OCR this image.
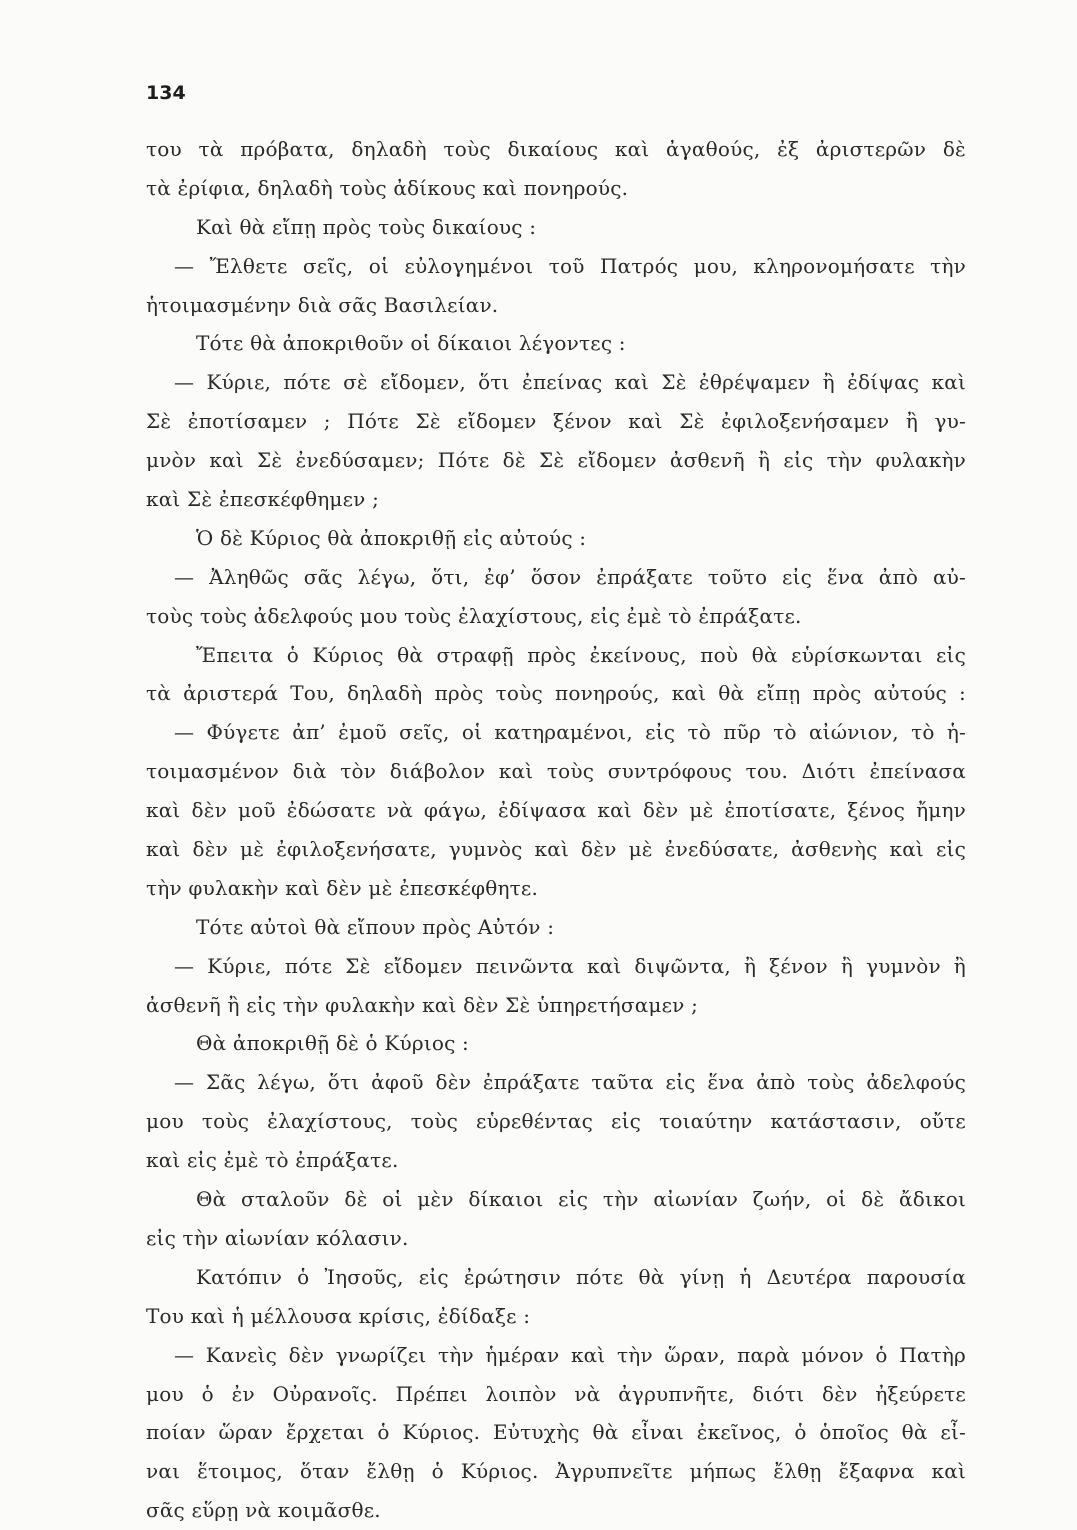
134

του τὰ πρόβατα, δηλαδὴ τοὺς δικαίους καὶ ἀγαθούς, ἐξ ἀριστερῶν δὲ
τὰ ἐρίφια, δηλαδὴ τοὺς ἀδίκους καὶ πονηρούς.
Καὶ θὰ εἴπῃ πρὸς τοὺς δικαίους :
— Ἔλθετε σεῖς, οἱ εὐλογημένοι τοῦ Πατρός μου, κληρονομήσατε τὴν
ἡτοιμασμένην διὰ σᾶς Βασιλείαν.
Τότε θὰ ἀποκριθοῦν οἱ δίκαιοι λέγοντες :
— Κύριε, πότε σὲ εἴδομεν, ὅτι ἐπείνας καὶ Σὲ ἐθρέψαμεν ἢ ἐδίψας καὶ
Σὲ ἐποτίσαμεν ; Πότε Σὲ εἴδομεν ξένον καὶ Σὲ ἐφιλοξενήσαμεν ἢ γυ-
μνὸν καὶ Σὲ ἐνεδύσαμεν; Πότε δὲ Σὲ εἴδομεν ἀσθενῆ ἢ εἰς τὴν φυλακὴν
καὶ Σὲ ἐπεσκέφθημεν ;
Ὁ δὲ Κύριος θὰ ἀποκριθῇ εἰς αὐτούς :
— Ἀληθῶς σᾶς λέγω, ὅτι, ἐφ’ ὅσον ἐπράξατε τοῦτο εἰς ἕνα ἀπὸ αὐ-
τοὺς τοὺς ἀδελφούς μου τοὺς ἐλαχίστους, εἰς ἐμὲ τὸ ἐπράξατε.
Ἔπειτα ὁ Κύριος θὰ στραφῇ πρὸς ἐκείνους, ποὺ θὰ εὑρίσκωνται εἰς
τὰ ἀριστερά Του, δηλαδὴ πρὸς τοὺς πονηρούς, καὶ θὰ εἴπῃ πρὸς αὐτούς :
— Φύγετε ἀπ’ ἐμοῦ σεῖς, οἱ κατηραμένοι, εἰς τὸ πῦρ τὸ αἰώνιον, τὸ ἡ-
τοιμασμένον διὰ τὸν διάβολον καὶ τοὺς συντρόφους του. Διότι ἐπείνασα
καὶ δὲν μοῦ ἐδώσατε νὰ φάγω, ἐδίψασα καὶ δὲν μὲ ἐποτίσατε, ξένος ἤμην
καὶ δὲν μὲ ἐφιλοξενήσατε, γυμνὸς καὶ δὲν μὲ ἐνεδύσατε, ἀσθενὴς καὶ εἰς
τὴν φυλακὴν καὶ δὲν μὲ ἐπεσκέφθητε.
Τότε αὐτοὶ θὰ εἴπουν πρὸς Αὐτόν :
— Κύριε, πότε Σὲ εἴδομεν πεινῶντα καὶ διψῶντα, ἢ ξένον ἢ γυμνὸν ἢ
ἀσθενῆ ἢ εἰς τὴν φυλακὴν καὶ δὲν Σὲ ὑπηρετήσαμεν ;
Θὰ ἀποκριθῇ δὲ ὁ Κύριος :
— Σᾶς λέγω, ὅτι ἀφοῦ δὲν ἐπράξατε ταῦτα εἰς ἕνα ἀπὸ τοὺς ἀδελφούς
μου τοὺς ἐλαχίστους, τοὺς εὑρεθέντας εἰς τοιαύτην κατάστασιν, οὔτε
καὶ εἰς ἐμὲ τὸ ἐπράξατε.
Θὰ σταλοῦν δὲ οἱ μὲν δίκαιοι εἰς τὴν αἰωνίαν ζωήν, οἱ δὲ ἄδικοι
εἰς τὴν αἰωνίαν κόλασιν.
Κατόπιν ὁ Ἰησοῦς, εἰς ἐρώτησιν πότε θὰ γίνῃ ἡ Δευτέρα παρουσία
Του καὶ ἡ μέλλουσα κρίσις, ἐδίδαξε :
— Κανεὶς δὲν γνωρίζει τὴν ἡμέραν καὶ τὴν ὥραν, παρὰ μόνον ὁ Πατὴρ
μου ὁ ἐν Οὐρανοῖς. Πρέπει λοιπὸν νὰ ἀγρυπνῆτε, διότι δὲν ἠξεύρετε
ποίαν ὥραν ἔρχεται ὁ Κύριος. Εὐτυχὴς θὰ εἶναι ἐκεῖνος, ὁ ὁποῖος θὰ εἶ-
ναι ἕτοιμος, ὅταν ἔλθῃ ὁ Κύριος. Ἀγρυπνεῖτε μήπως ἔλθῃ ἔξαφνα καὶ
σᾶς εὕρῃ νὰ κοιμᾶσθε.
